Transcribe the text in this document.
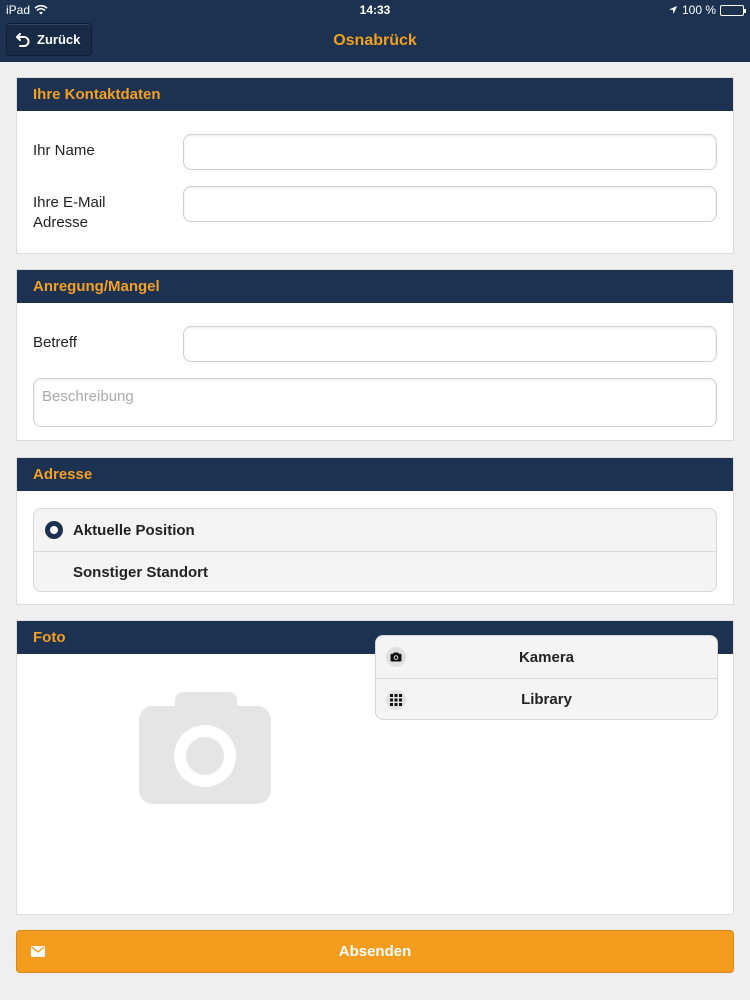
iPad	14:33	100 %
Zurück	Osnabrück
Ihre Kontaktdaten
Ihr Name
Ihre E-Mail
Adresse
Anregung/Mangel
Betreff
Beschreibung
Adresse
Aktuelle Position
Sonstiger Standort
Foto
Kamera
Library
Absenden
